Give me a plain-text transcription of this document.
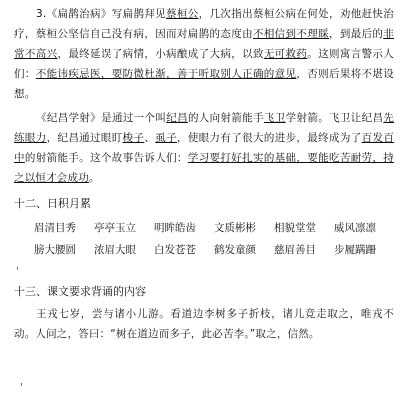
3.《扁鹊治病》写扁鹊拜见蔡桓公，几次指出蔡桓公病在何处，劝他赶快治疗，蔡桓公坚信自己没有病，因而对扁鹊的态度由不相信到不理睬，到最后的非常不高兴，最终延误了病情，小病酿成了大病，以致无可救药。这则寓言警示人们：不能讳疾忌医，要防微杜渐，善于听取别人正确的意见，否则后果将不堪设想。
《纪昌学射》是通过一个叫纪昌的人向射箭能手飞卫学射箭。飞卫让纪昌先练眼力，纪昌通过眼盯梭子、虱子，使眼力有了很大的进步，最终成为了百发百中的射箭能手。这个故事告诉人们：学习要打好扎实的基础，要能吃苦耐劳，持之以恒才会成功。
十二、日积月累
眉清目秀	亭亭玉立	明眸皓齿	文质彬彬	相貌堂堂	威风凛凛
膀大腰圆	浓眉大眼	白发苍苍	鹤发童颜	慈眉善目	步履蹒跚
'
十三、课文要求背诵的内容
王戎七岁，尝与诸小儿游。看道边李树多子折枝，诸儿竞走取之，唯戎不动。人问之，答曰：“树在道边而多子，此必苦李。”取之，信然。
'
